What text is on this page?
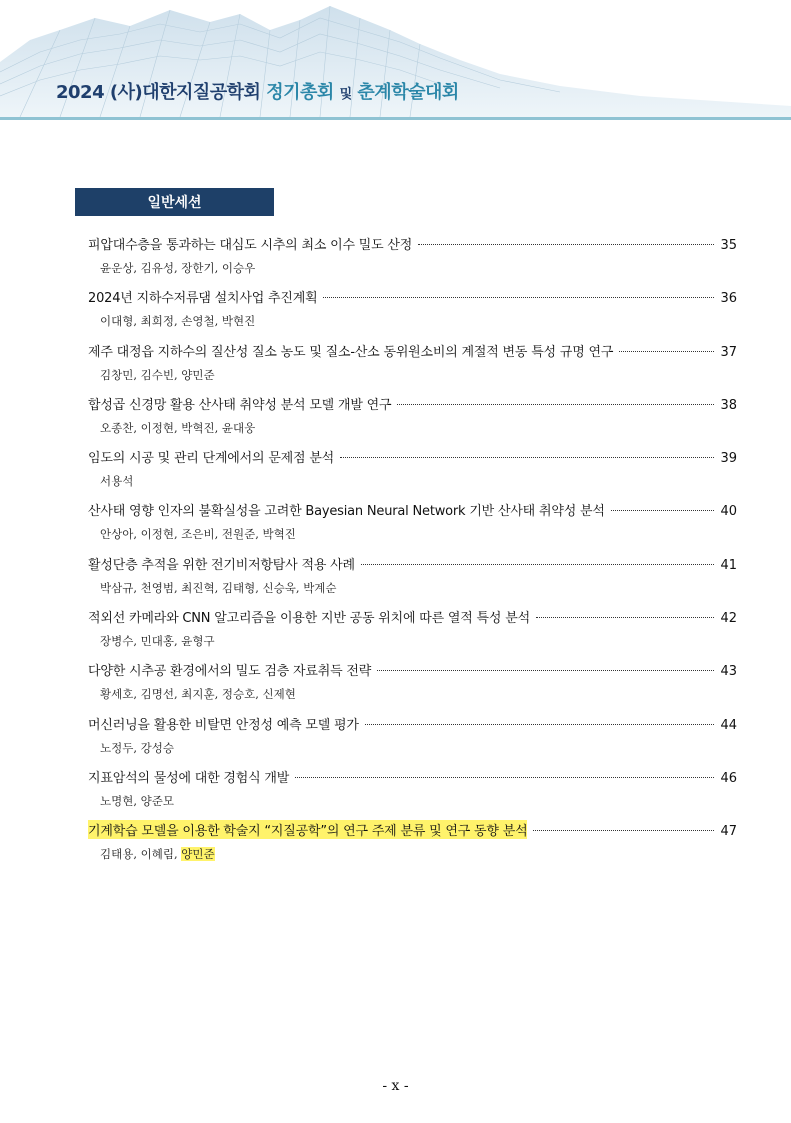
2024 (사)대한지질공학회 정기총회 및 춘계학술대회
일반세션
피압대수층을 통과하는 대심도 시추의 최소 이수 밀도 산정	35
윤운상, 김유성, 장한기, 이승우
2024년 지하수저류댐 설치사업 추진계획	36
이대형, 최희정, 손영철, 박현진
제주 대정읍 지하수의 질산성 질소 농도 및 질소-산소 동위원소비의 계절적 변동 특성 규명 연구	37
김창민, 김수빈, 양민준
합성곱 신경망 활용 산사태 취약성 분석 모델 개발 연구	38
오종찬, 이정현, 박혁진, 윤대웅
임도의 시공 및 관리 단계에서의 문제점 분석	39
서용석
산사태 영향 인자의 불확실성을 고려한 Bayesian Neural Network 기반 산사태 취약성 분석	40
안상아, 이정현, 조은비, 전원준, 박혁진
활성단층 추적을 위한 전기비저항탐사 적용 사례	41
박삼규, 천영범, 최진혁, 김태형, 신승욱, 박계순
적외선 카메라와 CNN 알고리즘을 이용한 지반 공동 위치에 따른 열적 특성 분석	42
장병수, 민대홍, 윤형구
다양한 시추공 환경에서의 밀도 검층 자료취득 전략	43
황세호, 김명선, 최지훈, 정승호, 신제현
머신러닝을 활용한 비탈면 안정성 예측 모델 평가	44
노정두, 강성승
지표암석의 물성에 대한 경험식 개발	46
노명현, 양준모
기계학습 모델을 이용한 학술지 “지질공학”의 연구 주제 분류 및 연구 동향 분석	47
김태용, 이혜림, 양민준
- x -
